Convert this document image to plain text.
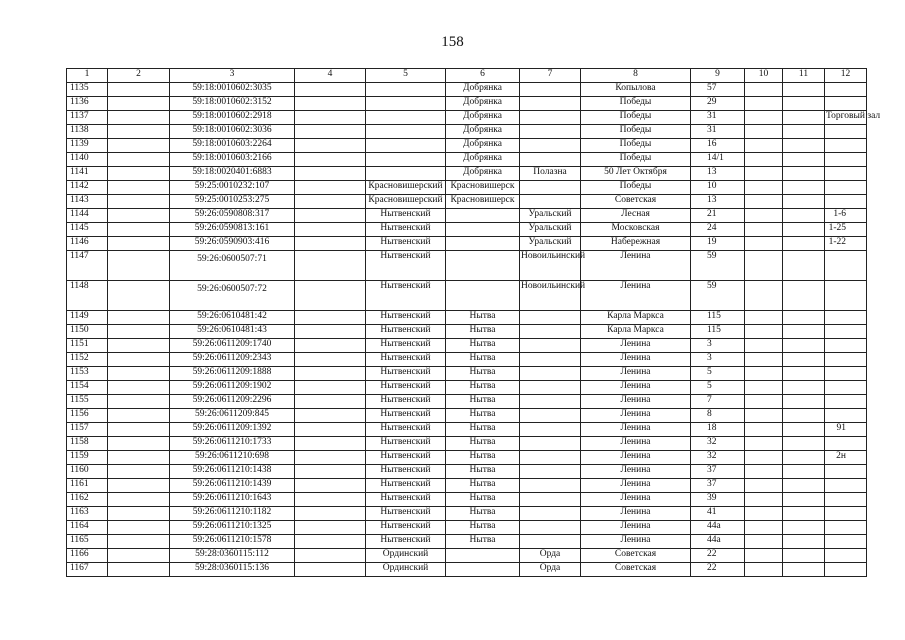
158
1	2	3	4	5	6	7	8	9	10	11	12
1135		59:18:0010602:3035			Добрянка		Копылова	57			
1136		59:18:0010602:3152			Добрянка		Победы	29			
1137		59:18:0010602:2918			Добрянка		Победы	31			Торговый зал
1138		59:18:0010602:3036			Добрянка		Победы	31			
1139		59:18:0010603:2264			Добрянка		Победы	16			
1140		59:18:0010603:2166			Добрянка		Победы	14/1			
1141		59:18:0020401:6883			Добрянка	Полазна	50 Лет Октября	13			
1142		59:25:0010232:107		Красновишерский	Красновишерск		Победы	10			
1143		59:25:0010253:275		Красновишерский	Красновишерск		Советская	13			
1144		59:26:0590808:317		Нытвенский		Уральский	Лесная	21			1-6
1145		59:26:0590813:161		Нытвенский		Уральский	Московская	24			1-25
1146		59:26:0590903:416		Нытвенский		Уральский	Набережная	19			1-22
1147		59:26:0600507:71		Нытвенский		Новоильинский	Ленина	59			
1148		59:26:0600507:72		Нытвенский		Новоильинский	Ленина	59			
1149		59:26:0610481:42		Нытвенский	Нытва		Карла Маркса	115			
1150		59:26:0610481:43		Нытвенский	Нытва		Карла Маркса	115			
1151		59:26:0611209:1740		Нытвенский	Нытва		Ленина	3			
1152		59:26:0611209:2343		Нытвенский	Нытва		Ленина	3			
1153		59:26:0611209:1888		Нытвенский	Нытва		Ленина	5			
1154		59:26:0611209:1902		Нытвенский	Нытва		Ленина	5			
1155		59:26:0611209:2296		Нытвенский	Нытва		Ленина	7			
1156		59:26:0611209:845		Нытвенский	Нытва		Ленина	8			
1157		59:26:0611209:1392		Нытвенский	Нытва		Ленина	18			91
1158		59:26:0611210:1733		Нытвенский	Нытва		Ленина	32			
1159		59:26:0611210:698		Нытвенский	Нытва		Ленина	32			2н
1160		59:26:0611210:1438		Нытвенский	Нытва		Ленина	37			
1161		59:26:0611210:1439		Нытвенский	Нытва		Ленина	37			
1162		59:26:0611210:1643		Нытвенский	Нытва		Ленина	39			
1163		59:26:0611210:1182		Нытвенский	Нытва		Ленина	41			
1164		59:26:0611210:1325		Нытвенский	Нытва		Ленина	44а			
1165		59:26:0611210:1578		Нытвенский	Нытва		Ленина	44а			
1166		59:28:0360115:112		Ординский		Орда	Советская	22			
1167		59:28:0360115:136		Ординский		Орда	Советская	22			
